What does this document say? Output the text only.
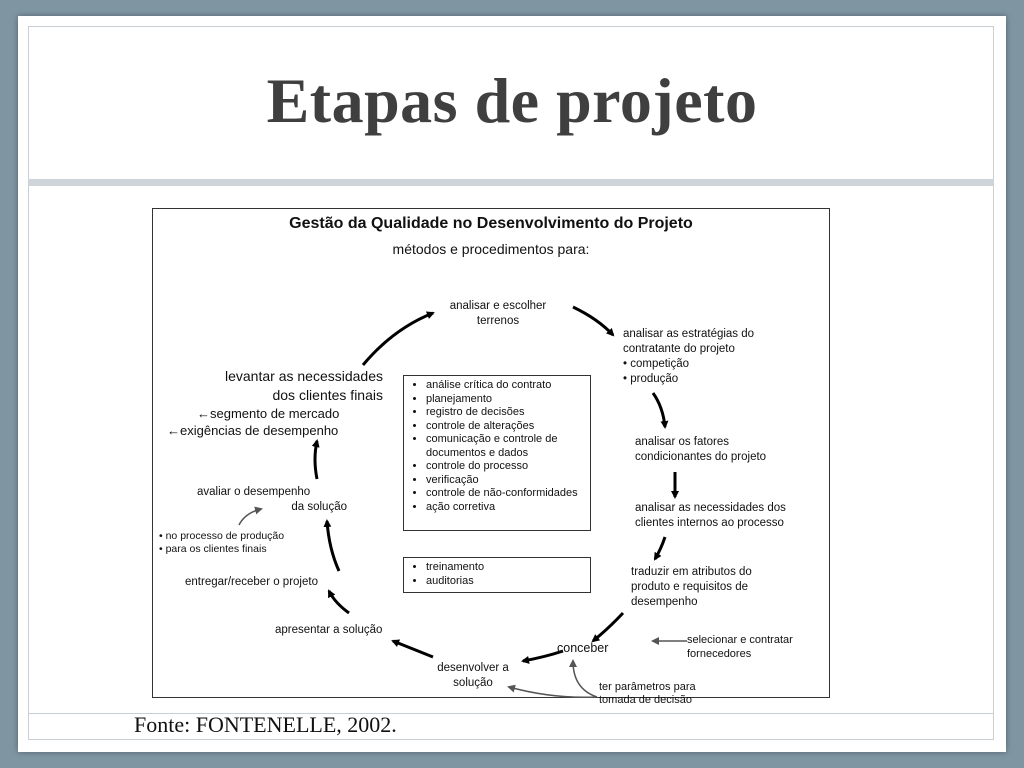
Etapas de projeto
Gestão da Qualidade no Desenvolvimento do Projeto
métodos e procedimentos para:
analisar e escolher
terrenos
analisar as estratégias do
contratante do projeto
• competição
• produção
analisar os fatores
condicionantes do projeto
analisar as necessidades dos
clientes internos ao processo
traduzir em atributos do
produto e requisitos de
desempenho
selecionar e contratar
fornecedores
conceber
desenvolver a
solução	ter parâmetros para
tomada de decisão
apresentar a solução
entregar/receber o projeto
• no processo de produção
• para os clientes finais
avaliar o desempenho
da solução
levantar as necessidades
dos clientes finais
←segmento de mercado
←exigências de desempenho
• análise crítica do contrato
• planejamento
• registro de decisões
• controle de alterações
• comunicação e controle de documentos e dados
• controle do processo
• verificação
• controle de não-conformidades
• ação corretiva
• treinamento
• auditorias
Fonte: FONTENELLE, 2002.
